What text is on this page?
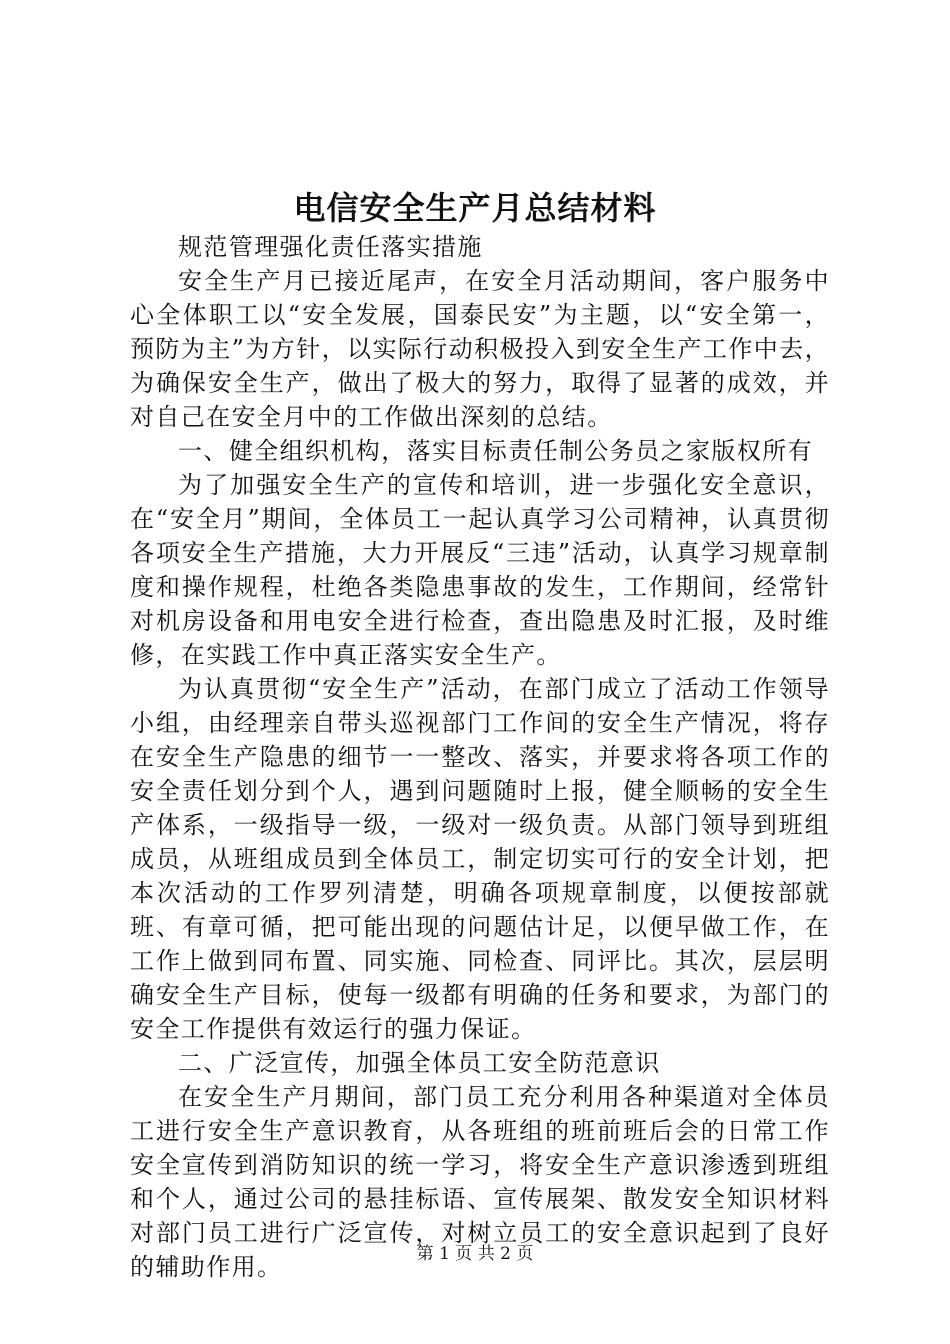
电信安全生产月总结材料

规范管理强化责任落实措施

安全生产月已接近尾声，在安全月活动期间，客户服务中心全体职工以“安全发展，国泰民安”为主题，以“安全第一，预防为主”为方针，以实际行动积极投入到安全生产工作中去，为确保安全生产，做出了极大的努力，取得了显著的成效，并对自己在安全月中的工作做出深刻的总结。

一、健全组织机构，落实目标责任制公务员之家版权所有

为了加强安全生产的宣传和培训，进一步强化安全意识，在“安全月”期间，全体员工一起认真学习公司精神，认真贯彻各项安全生产措施，大力开展反“三违”活动，认真学习规章制度和操作规程，杜绝各类隐患事故的发生，工作期间，经常针对机房设备和用电安全进行检查，查出隐患及时汇报，及时维修，在实践工作中真正落实安全生产。

为认真贯彻“安全生产”活动，在部门成立了活动工作领导小组，由经理亲自带头巡视部门工作间的安全生产情况，将存在安全生产隐患的细节一一整改、落实，并要求将各项工作的安全责任划分到个人，遇到问题随时上报，健全顺畅的安全生产体系，一级指导一级，一级对一级负责。从部门领导到班组成员，从班组成员到全体员工，制定切实可行的安全计划，把本次活动的工作罗列清楚，明确各项规章制度，以便按部就班、有章可循，把可能出现的问题估计足，以便早做工作，在工作上做到同布置、同实施、同检查、同评比。其次，层层明确安全生产目标，使每一级都有明确的任务和要求，为部门的安全工作提供有效运行的强力保证。

二、广泛宣传，加强全体员工安全防范意识

在安全生产月期间，部门员工充分利用各种渠道对全体员工进行安全生产意识教育，从各班组的班前班后会的日常工作安全宣传到消防知识的统一学习，将安全生产意识渗透到班组和个人，通过公司的悬挂标语、宣传展架、散发安全知识材料对部门员工进行广泛宣传，对树立员工的安全意识起到了良好的辅助作用。	第 1 页 共 2 页
